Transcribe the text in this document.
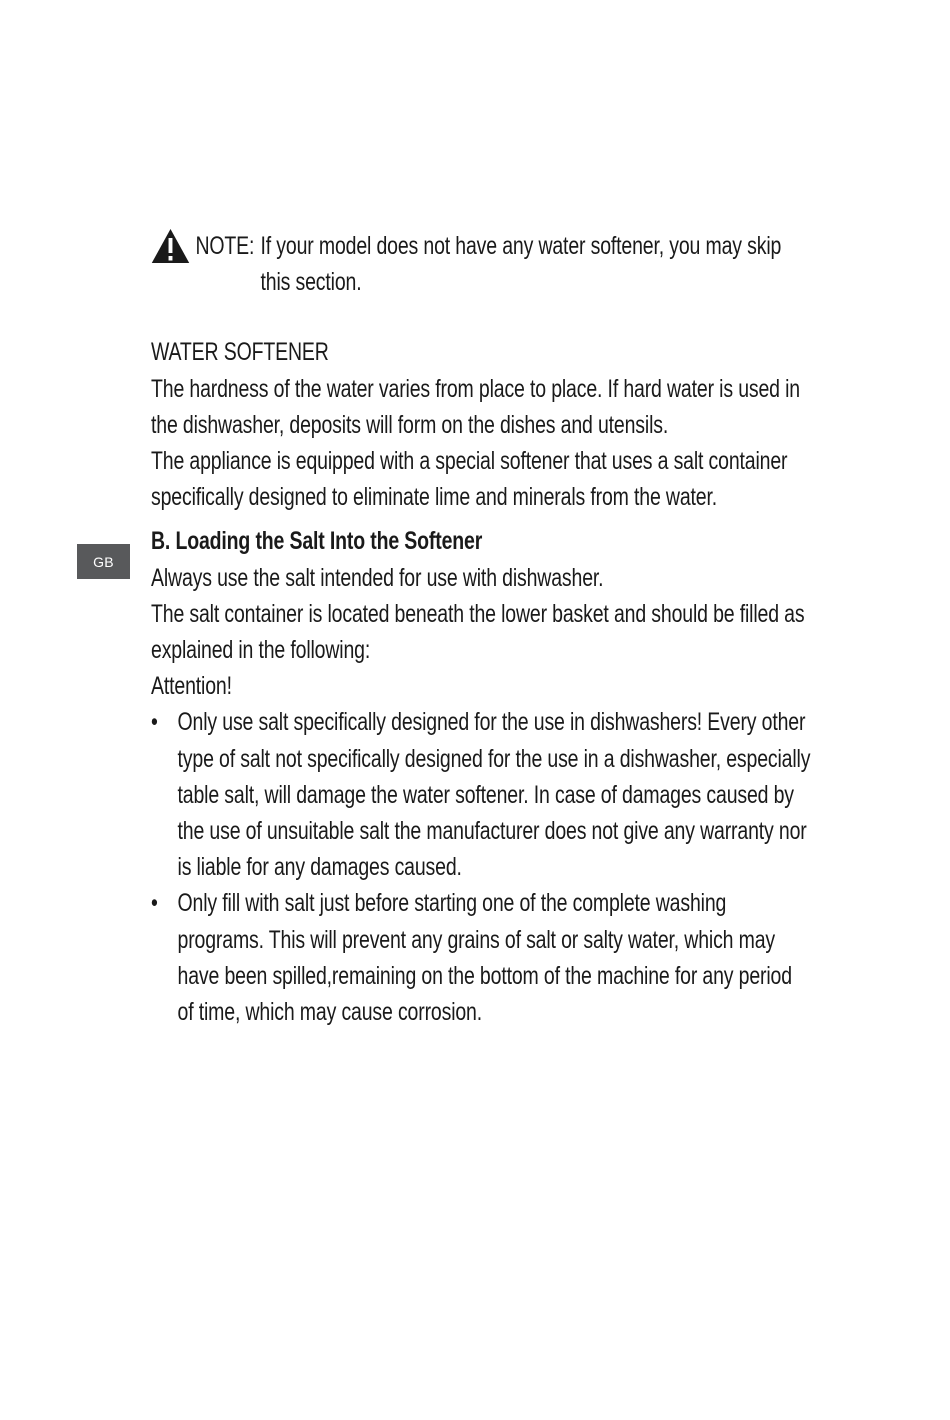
GB
NOTE: If your model does not have any water softener, you may skip this section.

WATER SOFTENER

The hardness of the water varies from place to place. If hard water is used in the dishwasher, deposits will form on the dishes and utensils.

The appliance is equipped with a special softener that uses a salt container specifically designed to eliminate lime and minerals from the water.

B. Loading the Salt Into the Softener

Always use the salt intended for use with dishwasher.

The salt container is located beneath the lower basket and should be filled as explained in the following:

Attention!

• Only use salt specifically designed for the use in dishwashers! Every other type of salt not specifically designed for the use in a dishwasher, especially table salt, will damage the water softener. In case of damages caused by the use of unsuitable salt the manufacturer does not give any warranty nor is liable for any damages caused.
• Only fill with salt just before starting one of the complete washing programs. This will prevent any grains of salt or salty water, which may have been spilled,remaining on the bottom of the machine for any period of time, which may cause corrosion.
